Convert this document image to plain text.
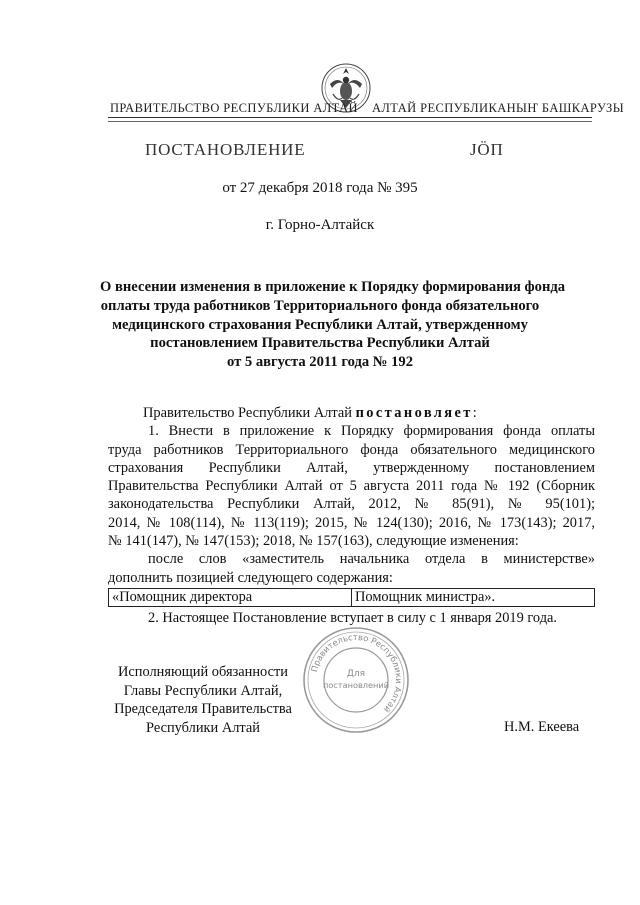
ПРАВИТЕЛЬСТВО РЕСПУБЛИКИ АЛТАЙ АЛТАЙ РЕСПУБЛИКАНЫҤ БАШКАРУЗЫ
ПОСТАНОВЛЕНИЕ	ЈӦП
от 27 декабря 2018 года № 395
г. Горно-Алтайск
О внесении изменения в приложение к Порядку формирования фонда
оплаты труда работников Территориального фонда обязательного
медицинского страхования Республики Алтай, утвержденному
постановлением Правительства Республики Алтай
от 5 августа 2011 года № 192
Правительство Республики Алтай постановляет:
1. Внести в приложение к Порядку формирования фонда оплаты
труда работников Территориального фонда обязательного медицинского
страхования Республики Алтай, утвержденному постановлением
Правительства Республики Алтай от 5 августа 2011 года № 192 (Сборник
законодательства Республики Алтай, 2012, № 85(91), № 95(101);
2014, № 108(114), № 113(119); 2015, № 124(130); 2016, № 173(143); 2017,
№ 141(147), № 147(153); 2018, № 157(163), следующие изменения:
после слов «заместитель начальника отдела в министерстве»
дополнить позицией следующего содержания:
«Помощник директора	Помощник министра».
2. Настоящее Постановление вступает в силу с 1 января 2019 года.
Правительство Республики Алтай
Для
постановлений
Исполняющий обязанности
Главы Республики Алтай,
Председателя Правительства
Республики Алтай	Н.М. Екеева
